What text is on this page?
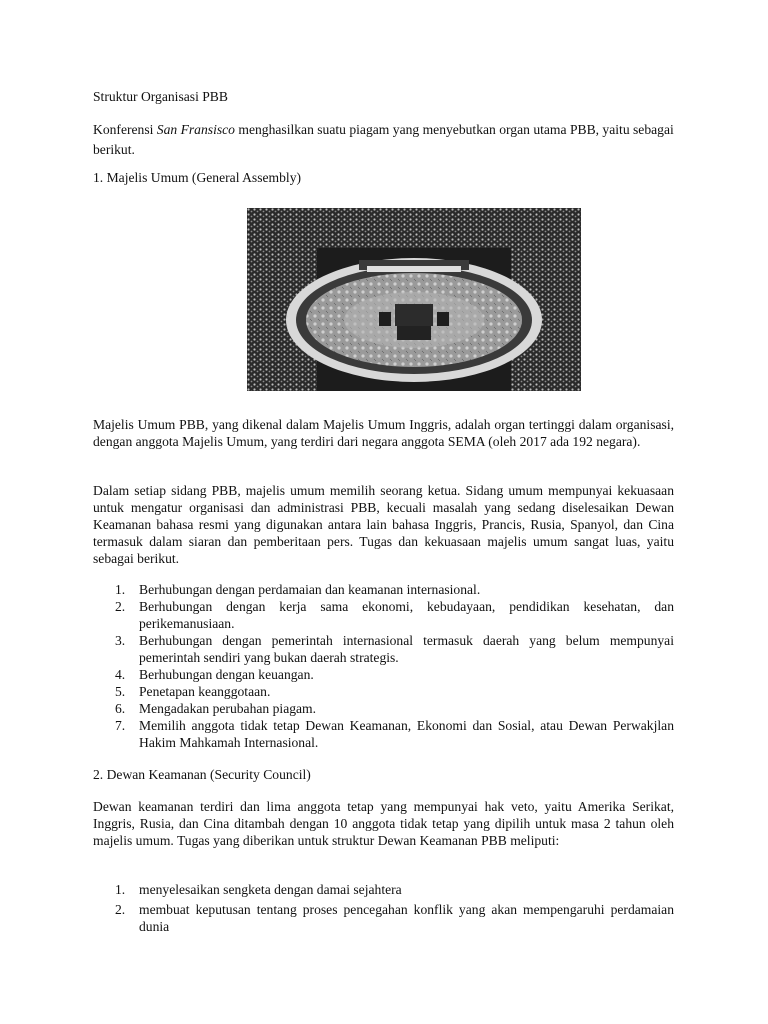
Struktur Organisasi PBB
Konferensi San Fransisco menghasilkan suatu piagam yang menyebutkan organ utama PBB, yaitu sebagai berikut.
1. Majelis Umum (General Assembly)
Majelis Umum PBB, yang dikenal dalam Majelis Umum Inggris, adalah organ tertinggi dalam organisasi, dengan anggota Majelis Umum, yang terdiri dari negara anggota SEMA (oleh 2017 ada 192 negara).
Dalam setiap sidang PBB, majelis umum memilih seorang ketua. Sidang umum mempunyai kekuasaan untuk mengatur organisasi dan administrasi PBB, kecuali masalah yang sedang diselesaikan Dewan Keamanan bahasa resmi yang digunakan antara lain bahasa Inggris, Prancis, Rusia, Spanyol, dan Cina termasuk dalam siaran dan pemberitaan pers. Tugas dan kekuasaan majelis umum sangat luas, yaitu sebagai berikut.
1. Berhubungan dengan perdamaian dan keamanan internasional.
2. Berhubungan dengan kerja sama ekonomi, kebudayaan, pendidikan kesehatan, dan perikemanusiaan.
3. Berhubungan dengan pemerintah internasional termasuk daerah yang belum mempunyai pemerintah sendiri yang bukan daerah strategis.
4. Berhubungan dengan keuangan.
5. Penetapan keanggotaan.
6. Mengadakan perubahan piagam.
7. Memilih anggota tidak tetap Dewan Keamanan, Ekonomi dan Sosial, atau Dewan Perwakjlan Hakim Mahkamah Internasional.
2. Dewan Keamanan (Security Council)
Dewan keamanan terdiri dan lima anggota tetap yang mempunyai hak veto, yaitu Amerika Serikat, Inggris, Rusia, dan Cina ditambah dengan 10 anggota tidak tetap yang dipilih untuk masa 2 tahun oleh majelis umum. Tugas yang diberikan untuk struktur Dewan Keamanan PBB meliputi:
1. menyelesaikan sengketa dengan damai sejahtera
2. membuat keputusan tentang proses pencegahan konflik yang akan mempengaruhi perdamaian dunia
